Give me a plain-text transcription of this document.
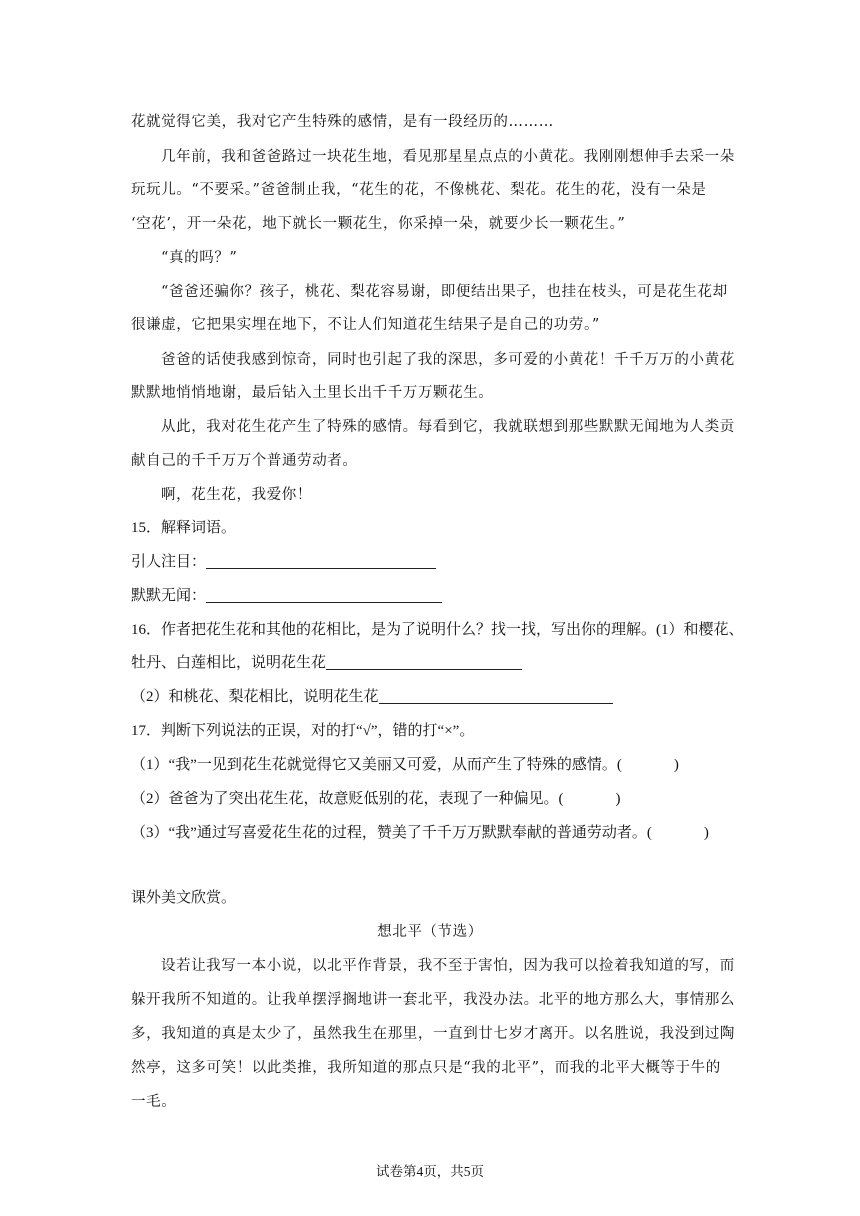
花就觉得它美，我对它产生特殊的感情，是有一段经历的………
几年前，我和爸爸路过一块花生地，看见那星星点点的小黄花。我刚刚想伸手去采一朵
玩玩儿。“不要采。”爸爸制止我，“花生的花，不像桃花、梨花。花生的花，没有一朵是
‘空花’，开一朵花，地下就长一颗花生，你采掉一朵，就要少长一颗花生。”
“真的吗？”
“爸爸还骗你？孩子，桃花、梨花容易谢，即便结出果子，也挂在枝头，可是花生花却
很谦虚，它把果实埋在地下，不让人们知道花生结果子是自己的功劳。”
爸爸的话使我感到惊奇，同时也引起了我的深思，多可爱的小黄花！千千万万的小黄花
默默地悄悄地谢，最后钻入土里长出千千万万颗花生。
从此，我对花生花产生了特殊的感情。每看到它，我就联想到那些默默无闻地为人类贡
献自己的千千万万个普通劳动者。
啊，花生花，我爱你！
15．解释词语。
引人注目：
默默无闻：
16．作者把花生花和其他的花相比，是为了说明什么？找一找，写出你的理解。(1）和樱花、
牡丹、白莲相比，说明花生花
（2）和桃花、梨花相比，说明花生花
17．判断下列说法的正误，对的打“√”，错的打“×”。
（1）“我”一见到花生花就觉得它又美丽又可爱，从而产生了特殊的感情。(	)
（2）爸爸为了突出花生花，故意贬低别的花，表现了一种偏见。(	)
（3）“我”通过写喜爱花生花的过程，赞美了千千万万默默奉献的普通劳动者。(	)
课外美文欣赏。
想北平（节选）
设若让我写一本小说，以北平作背景，我不至于害怕，因为我可以捡着我知道的写，而
躲开我所不知道的。让我单摆浮搁地讲一套北平，我没办法。北平的地方那么大，事情那么
多，我知道的真是太少了，虽然我生在那里，一直到廿七岁才离开。以名胜说，我没到过陶
然亭，这多可笑！以此类推，我所知道的那点只是“我的北平”，而我的北平大概等于牛的
一毛。
试卷第4页，共5页
